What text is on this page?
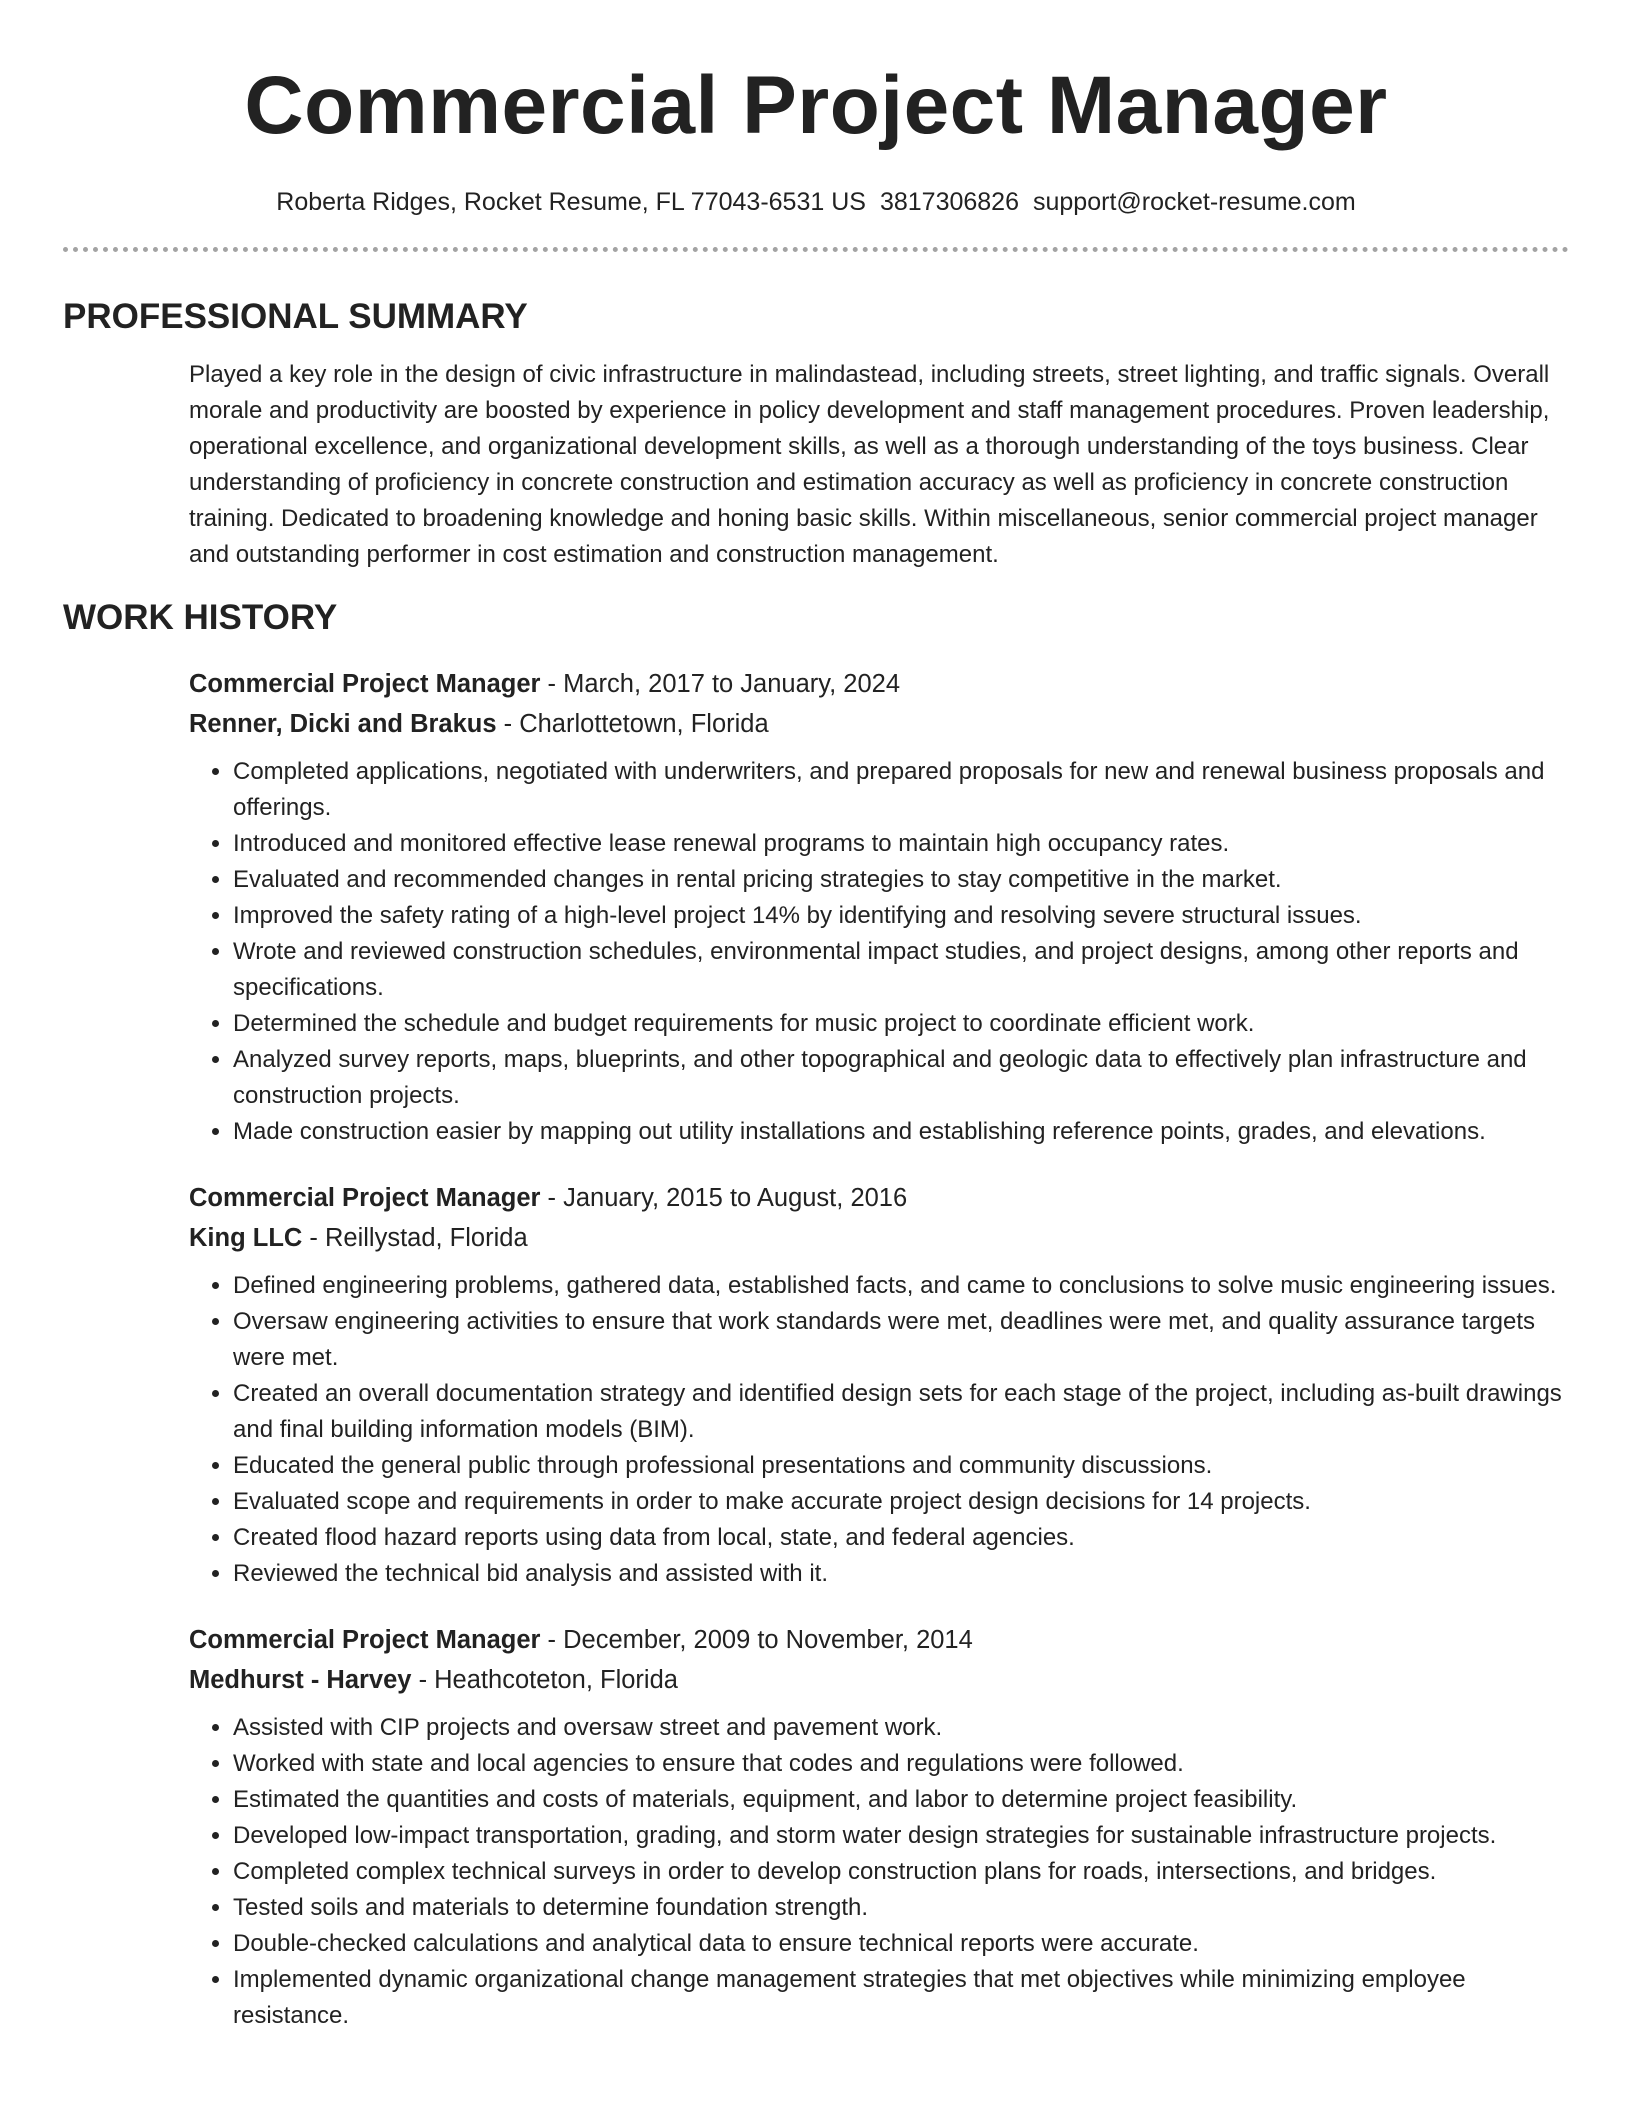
Commercial Project Manager
Roberta Ridges, Rocket Resume, FL 77043-6531 US 3817306826 support@rocket-resume.com
PROFESSIONAL SUMMARY

Played a key role in the design of civic infrastructure in malindastead, including streets, street lighting, and traffic signals. Overall morale and productivity are boosted by experience in policy development and staff management procedures. Proven leadership, operational excellence, and organizational development skills, as well as a thorough understanding of the toys business. Clear understanding of proficiency in concrete construction and estimation accuracy as well as proficiency in concrete construction training. Dedicated to broadening knowledge and honing basic skills. Within miscellaneous, senior commercial project manager and outstanding performer in cost estimation and construction management.

WORK HISTORY
Commercial Project Manager - March, 2017 to January, 2024
Renner, Dicki and Brakus - Charlottetown, Florida
• Completed applications, negotiated with underwriters, and prepared proposals for new and renewal business proposals and offerings.
• Introduced and monitored effective lease renewal programs to maintain high occupancy rates.
• Evaluated and recommended changes in rental pricing strategies to stay competitive in the market.
• Improved the safety rating of a high-level project 14% by identifying and resolving severe structural issues.
• Wrote and reviewed construction schedules, environmental impact studies, and project designs, among other reports and specifications.
• Determined the schedule and budget requirements for music project to coordinate efficient work.
• Analyzed survey reports, maps, blueprints, and other topographical and geologic data to effectively plan infrastructure and construction projects.
• Made construction easier by mapping out utility installations and establishing reference points, grades, and elevations.
Commercial Project Manager - January, 2015 to August, 2016
King LLC - Reillystad, Florida
• Defined engineering problems, gathered data, established facts, and came to conclusions to solve music engineering issues.
• Oversaw engineering activities to ensure that work standards were met, deadlines were met, and quality assurance targets were met.
• Created an overall documentation strategy and identified design sets for each stage of the project, including as-built drawings and final building information models (BIM).
• Educated the general public through professional presentations and community discussions.
• Evaluated scope and requirements in order to make accurate project design decisions for 14 projects.
• Created flood hazard reports using data from local, state, and federal agencies.
• Reviewed the technical bid analysis and assisted with it.
Commercial Project Manager - December, 2009 to November, 2014
Medhurst - Harvey - Heathcoteton, Florida
• Assisted with CIP projects and oversaw street and pavement work.
• Worked with state and local agencies to ensure that codes and regulations were followed.
• Estimated the quantities and costs of materials, equipment, and labor to determine project feasibility.
• Developed low-impact transportation, grading, and storm water design strategies for sustainable infrastructure projects.
• Completed complex technical surveys in order to develop construction plans for roads, intersections, and bridges.
• Tested soils and materials to determine foundation strength.
• Double-checked calculations and analytical data to ensure technical reports were accurate.
• Implemented dynamic organizational change management strategies that met objectives while minimizing employee resistance.
